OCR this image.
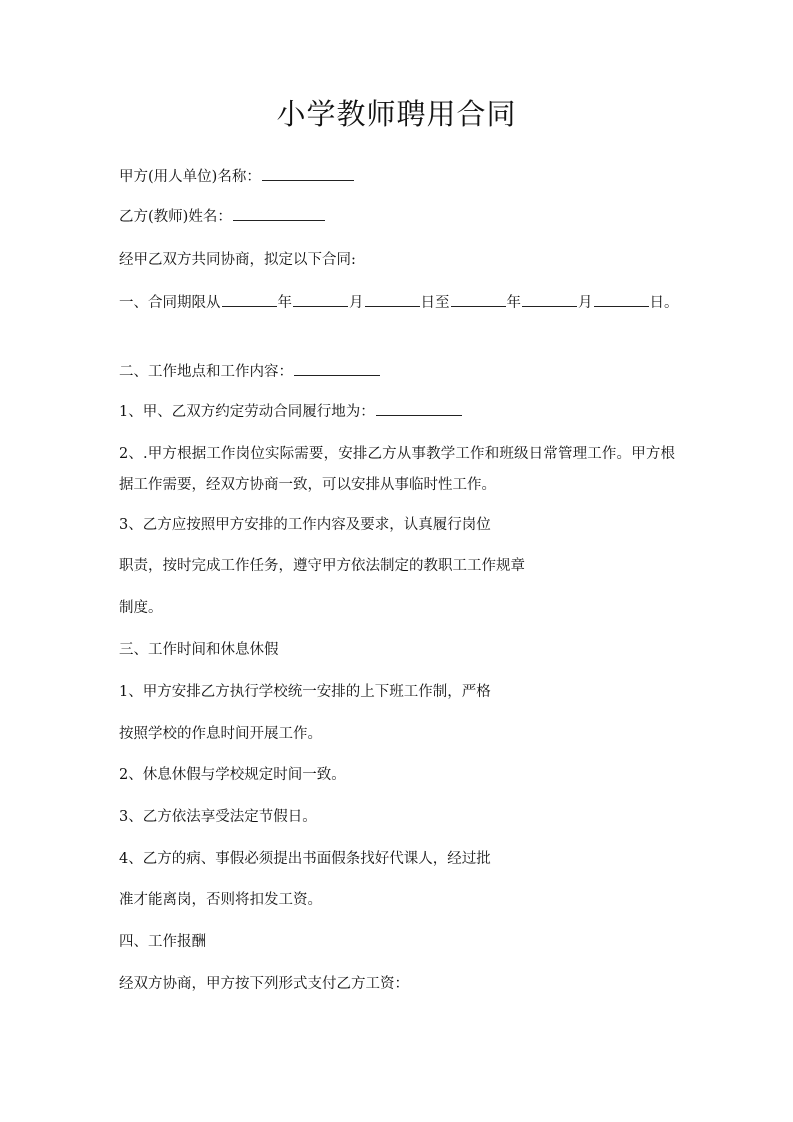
小学教师聘用合同

甲方(用人单位)名称：

乙方(教师)姓名：

经甲乙双方共同协商，拟定以下合同:

一、合同期限从	年	月	日至	年	月	日。

二、工作地点和工作内容：

1、甲、乙双方约定劳动合同履行地为：

2、.甲方根据工作岗位实际需要，安排乙方从事教学工作和班级日常管理工作。甲方根据工作需要，经双方协商一致，可以安排从事临时性工作。

3、乙方应按照甲方安排的工作内容及要求，认真履行岗位

职责，按时完成工作任务，遵守甲方依法制定的教职工工作规章

制度。

三、工作时间和休息休假

1、甲方安排乙方执行学校统一安排的上下班工作制，严格

按照学校的作息时间开展工作。

2、休息休假与学校规定时间一致。

3、乙方依法享受法定节假日。

4、乙方的病、事假必须提出书面假条找好代课人，经过批

准才能离岗，否则将扣发工资。

四、工作报酬

经双方协商，甲方按下列形式支付乙方工资：
